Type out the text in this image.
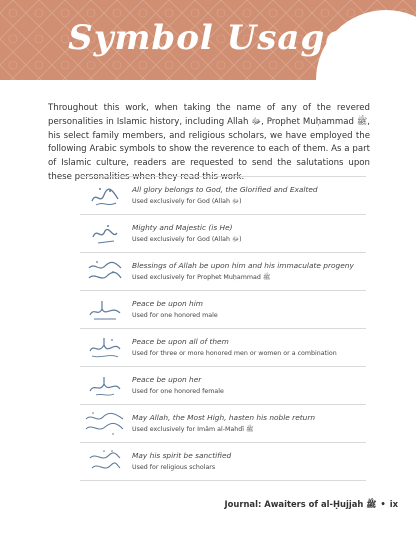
Symbol Usage

Throughout this work, when taking the name of any of the revered personalities in Islamic history, including Allah ﷻ, Prophet Muḥammad ﷺ, his select family members, and religious scholars, we have employed the following Arabic symbols to show the reverence to each of them. As a part of Islamic culture, readers are requested to send the salutations upon these personalities when they read this work.

All glory belongs to God, the Glorified and Exalted
Used exclusively for God (Allah ﷻ)
Mighty and Majestic (is He)
Used exclusively for God (Allah ﷻ)
Blessings of Allah be upon him and his immaculate progeny
Used exclusively for Prophet Muḥammad ﷺ
Peace be upon him
Used for one honored male
Peace be upon all of them
Used for three or more honored men or women or a combination
Peace be upon her
Used for one honored female
May Allah, the Most High, hasten his noble return
Used exclusively for Imām al-Mahdī ﷺ
May his spirit be sanctified
Used for religious scholars
Journal: Awaiters of al-Ḥujjah ﷺ • ix
